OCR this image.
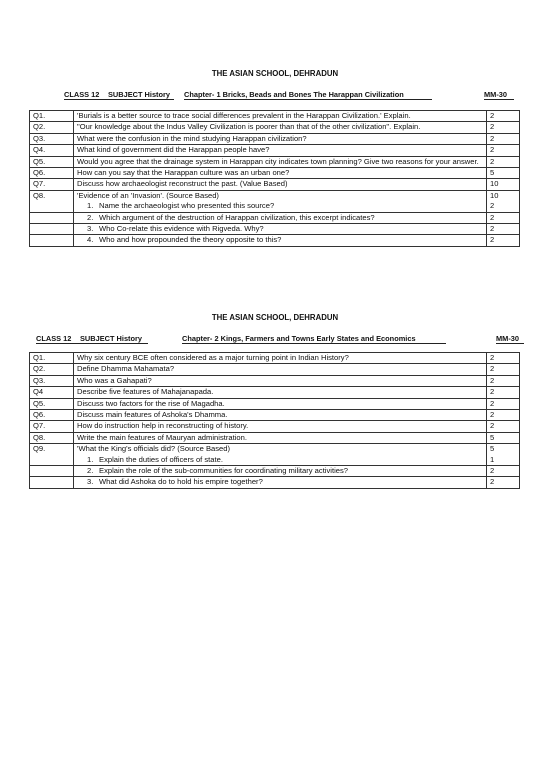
THE ASIAN SCHOOL, DEHRADUN
CLASS 12 SUBJECT History Chapter- 1 Bricks, Beads and Bones The Harappan Civilization	MM-30
Q1.	'Burials is a better source to trace social differences prevalent in the Harappan Civilization.' Explain.	2
Q2.	"Our knowledge about the Indus Valley Civilization is poorer than that of the other civilization". Explain.	2
Q3.	What were the confusion in the mind studying Harappan civilization?	2
Q4.	What kind of government did the Harappan people have?	2
Q5.	Would you agree that the drainage system in Harappan city indicates town planning? Give two reasons for your answer.	2
Q6.	How can you say that the Harappan culture was an urban one?	5
Q7.	Discuss how archaeologist reconstruct the past. (Value Based)	10
Q8.	'Evidence of an 'Invasion'. (Source Based)	10

	1. Name the archaeologist who presented this source?	2

	2. Which argument of the destruction of Harappan civilization, this excerpt indicates?	2

	3. Who Co-relate this evidence with Rigveda. Why?	2

	4. Who and how propounded the theory opposite to this?	2
THE ASIAN SCHOOL, DEHRADUN
CLASS 12 SUBJECT History	Chapter- 2 Kings, Farmers and Towns Early States and Economics	MM-30
Q1.	Why six century BCE often considered as a major turning point in Indian History?	2
Q2.	Define Dhamma Mahamata?	2
Q3.	Who was a Gahapati?	2
Q4	Describe five features of Mahajanapada.	2
Q5.	Discuss two factors for the rise of Magadha.	2
Q6.	Discuss main features of Ashoka's Dhamma.	2
Q7.	How do instruction help in reconstructing of history.	2
Q8.	Write the main features of Mauryan administration.	5
Q9.	'What the King's officials did? (Source Based)	5

	1. Explain the duties of officers of state.	1

	2. Explain the role of the sub-communities for coordinating military activities?	2

	3. What did Ashoka do to hold his empire together?	2
